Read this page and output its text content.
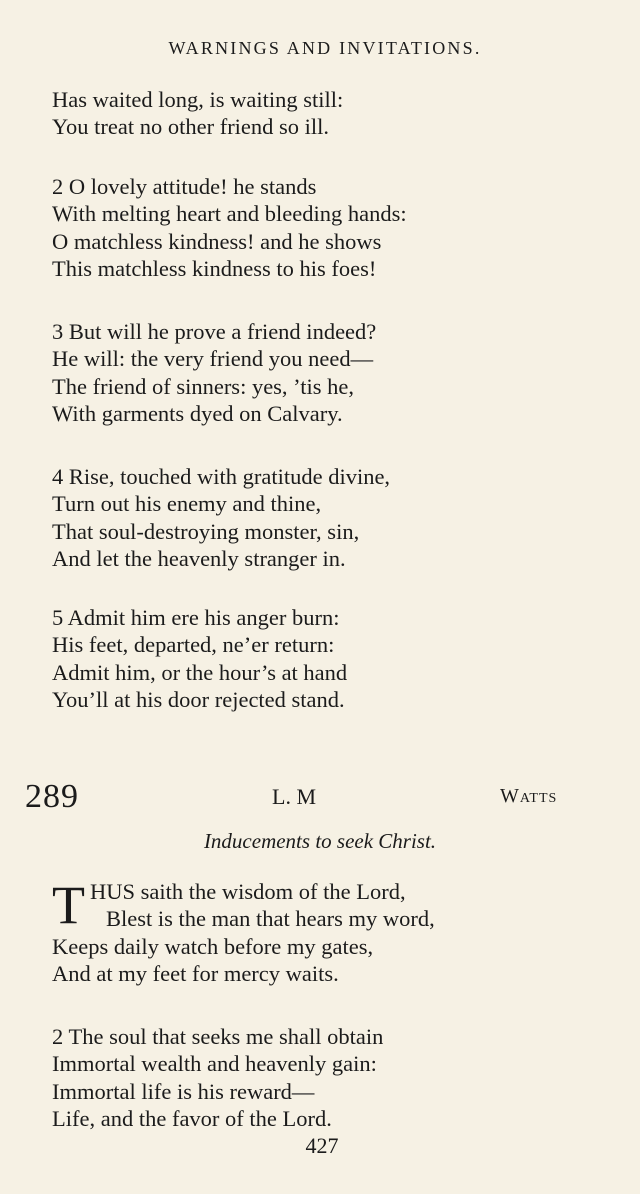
WARNINGS AND INVITATIONS.
Has waited long, is waiting still:
You treat no other friend so ill.
2 O lovely attitude! he stands
With melting heart and bleeding hands:
O matchless kindness! and he shows
This matchless kindness to his foes!
3 But will he prove a friend indeed?
He will: the very friend you need—
The friend of sinners: yes, ’tis he,
With garments dyed on Calvary.
4 Rise, touched with gratitude divine,
Turn out his enemy and thine,
That soul-destroying monster, sin,
And let the heavenly stranger in.
5 Admit him ere his anger burn:
His feet, departed, ne’er return:
Admit him, or the hour’s at hand
You’ll at his door rejected stand.
289	L. M	Watts
Inducements to seek Christ.
T HUS saith the wisdom of the Lord,
Blest is the man that hears my word,
Keeps daily watch before my gates,
And at my feet for mercy waits.
2 The soul that seeks me shall obtain
Immortal wealth and heavenly gain:
Immortal life is his reward—
Life, and the favor of the Lord.
427
